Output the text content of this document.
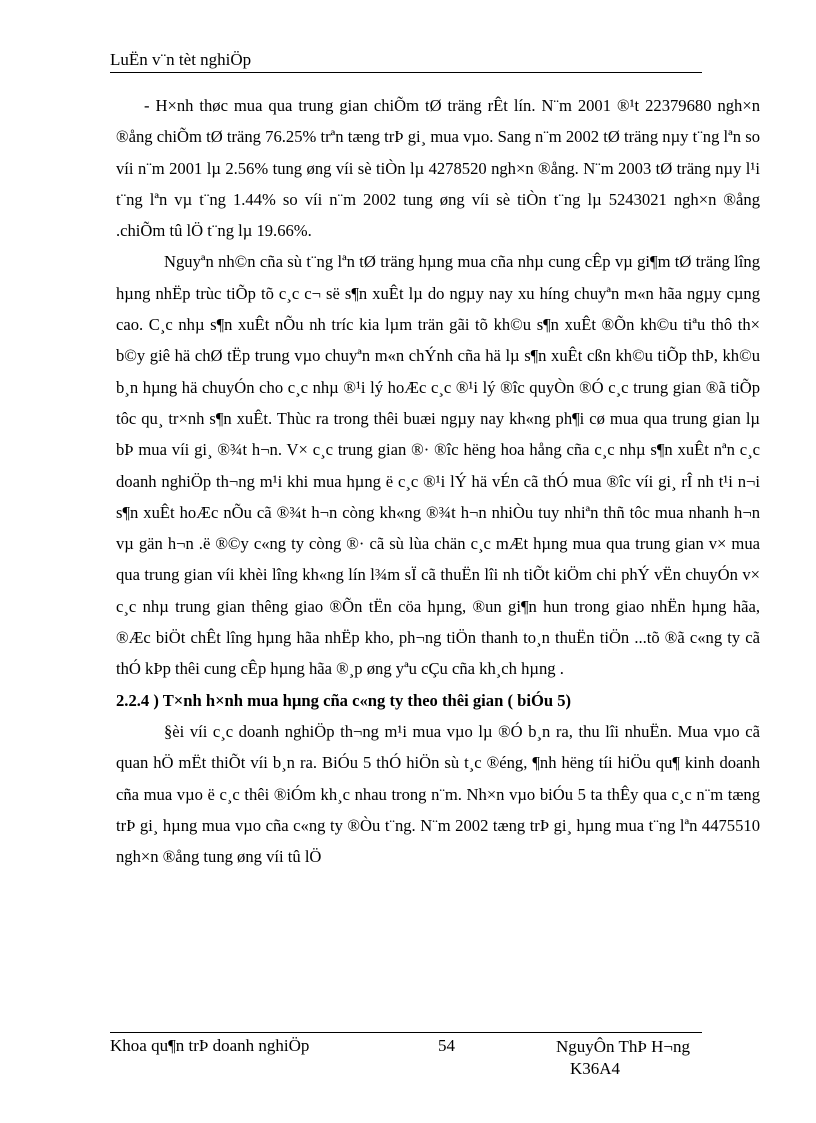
LuËn v¨n tèt nghiÖp

- H×nh thøc mua qua trung gian chiÕm tØ träng rÊt lín. N¨m 2001 ®¹t 22379680 ngh×n ®ång chiÕm tØ träng 76.25% trªn tæng trÞ gi¸ mua vµo. Sang n¨m 2002 tØ träng nµy t¨ng lªn so víi n¨m 2001 lµ 2.56% tung øng víi sè tiÒn lµ 4278520 ngh×n ®ång. N¨m 2003 tØ träng nµy l¹i t¨ng lªn vµ t¨ng 1.44% so víi n¨m 2002 tung øng víi sè tiÒn t¨ng lµ 5243021 ngh×n ®ång .chiÕm tû lÖ t¨ng lµ 19.66%.

Nguyªn nh©n cña sù t¨ng lªn tØ träng hµng mua cña nhµ cung cÊp vµ gi¶m tØ träng lîng hµng nhËp trùc tiÕp tõ c¸c c¬ së s¶n xuÊt lµ do ngµy nay xu híng chuyªn m«n hãa ngµy cµng cao. C¸c nhµ s¶n xuÊt nÕu nh tríc kia lµm trän gãi tõ kh©u s¶n xuÊt ®Õn kh©u tiªu thô th× b©y giê hä chØ tËp trung vµo chuyªn m«n chÝnh cña hä lµ s¶n xuÊt cßn kh©u tiÕp thÞ, kh©u b¸n hµng hä chuyÓn cho c¸c nhµ ®¹i lý hoÆc c¸c ®¹i lý ®îc quyÒn ®Ó c¸c trung gian ®ã tiÕp tôc qu¸ tr×nh s¶n xuÊt. Thùc ra trong thêi buæi ngµy nay kh«ng ph¶i cø mua qua trung gian lµ bÞ mua víi gi¸ ®¾t h¬n. V× c¸c trung gian ®· ®îc hëng hoa hång cña c¸c nhµ s¶n xuÊt nªn c¸c doanh nghiÖp th¬ng m¹i khi mua hµng ë c¸c ®¹i lÝ hä vÉn cã thÓ mua ®îc víi gi¸ rÎ nh t¹i n¬i s¶n xuÊt hoÆc nÕu cã ®¾t h¬n còng kh«ng ®¾t h¬n nhiÒu tuy nhiªn thñ tôc mua nhanh h¬n vµ gän h¬n .ë ®©y c«ng ty còng ®· cã sù lùa chän c¸c mÆt hµng mua qua trung gian v× mua qua trung gian víi khèi lîng kh«ng lín l¾m sÏ cã thuËn lîi nh tiÕt kiÖm chi phÝ vËn chuyÓn v× c¸c nhµ trung gian thêng giao ®Õn tËn cöa hµng, ®un gi¶n hun trong giao nhËn hµng hãa, ®Æc biÖt chÊt lîng hµng hãa nhËp kho, ph¬ng tiÖn thanh to¸n thuËn tiÖn ...tõ ®ã c«ng ty cã thÓ kÞp thêi cung cÊp hµng hãa ®¸p øng yªu cÇu cña kh¸ch hµng .

2.2.4 ) T×nh h×nh mua hµng cña c«ng ty theo thêi gian ( biÓu 5)

§èi víi c¸c doanh nghiÖp th¬ng m¹i mua vµo lµ ®Ó b¸n ra, thu lîi nhuËn. Mua vµo cã quan hÖ mËt thiÕt víi b¸n ra. BiÓu 5 thÓ hiÖn sù t¸c ®éng, ¶nh hëng tíi hiÖu qu¶ kinh doanh cña mua vµo ë c¸c thêi ®iÓm kh¸c nhau trong n¨m. Nh×n vµo biÓu 5 ta thÊy qua c¸c n¨m tæng trÞ gi¸ hµng mua vµo cña c«ng ty ®Òu t¨ng. N¨m 2002 tæng trÞ gi¸ hµng mua t¨ng lªn 4475510 ngh×n ®ång tung øng víi tû lÖ

Khoa qu¶n trÞ doanh nghiÖp	54	NguyÔn ThÞ H¬ng
K36A4
